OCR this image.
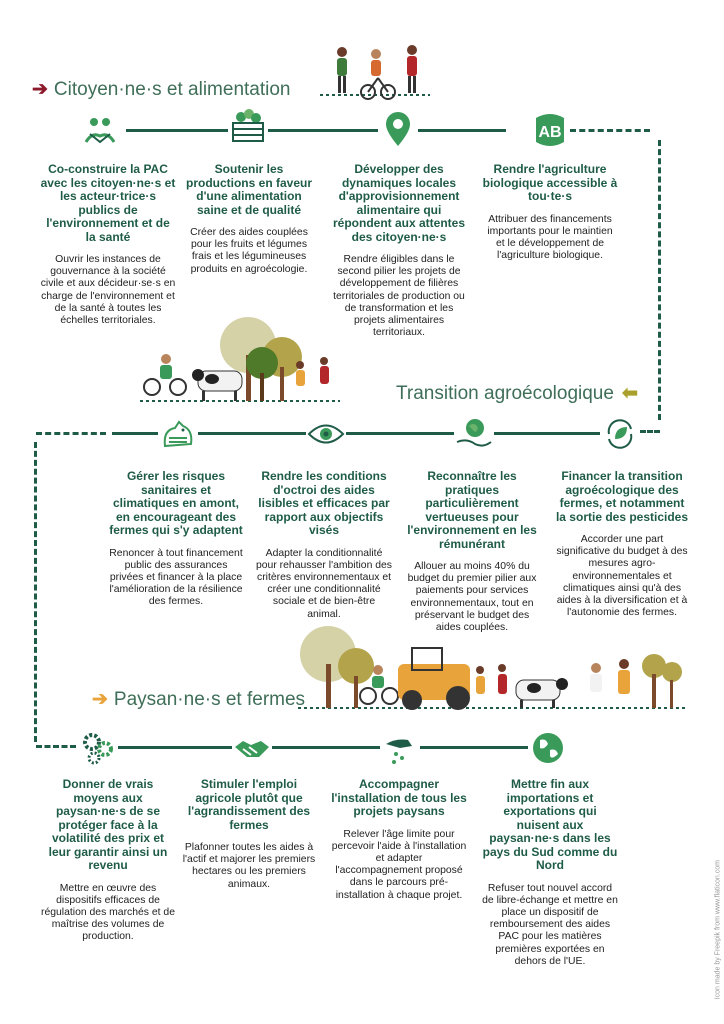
➔ Citoyen·ne·s et alimentation
AB
Co-construire la PAC avec les citoyen·ne·s et les acteur·trice·s publics de l'environnement et de la santé

Ouvrir les instances de gouvernance à la société civile et aux décideur·se·s en charge de l'environnement et de la santé à toutes les échelles territoriales.

Soutenir les productions en faveur d'une alimentation saine et de qualité

Créer des aides couplées pour les fruits et légumes frais et les légumineuses produits en agroécologie.

Développer des dynamiques locales d'approvisionnement alimentaire qui répondent aux attentes des citoyen·ne·s

Rendre éligibles dans le second pilier les projets de développement de filières territoriales de production ou de transformation et les projets alimentaires territoriaux.

Rendre l'agriculture biologique accessible à tou·te·s

Attribuer des financements importants pour le maintien et le développement de l'agriculture biologique.

Transition agroécologique ⬅
Gérer les risques sanitaires et climatiques en amont, en encourageant des fermes qui s'y adaptent

Renoncer à tout financement public des assurances privées et financer à la place l'amélioration de la résilience des fermes.

Rendre les conditions d'octroi des aides lisibles et efficaces par rapport aux objectifs visés

Adapter la conditionnalité pour rehausser l'ambition des critères environnementaux et créer une conditionnalité sociale et de bien-être animal.

Reconnaître les pratiques particulièrement vertueuses pour l'environnement en les rémunérant

Allouer au moins 40% du budget du premier pilier aux paiements pour services environnementaux, tout en préservant le budget des aides couplées.

Financer la transition agroécologique des fermes, et notamment la sortie des pesticides

Accorder une part significative du budget à des mesures agro-environnementales et climatiques ainsi qu'à des aides à la diversification et à l'autonomie des fermes.

➔ Paysan·ne·s et fermes
Donner de vrais moyens aux paysan·ne·s de se protéger face à la volatilité des prix et leur garantir ainsi un revenu

Mettre en œuvre des dispositifs efficaces de régulation des marchés et de maîtrise des volumes de production.

Stimuler l'emploi agricole plutôt que l'agrandissement des fermes

Plafonner toutes les aides à l'actif et majorer les premiers hectares ou les premiers animaux.

Accompagner l'installation de tous les projets paysans

Relever l'âge limite pour percevoir l'aide à l'installation et adapter l'accompagnement proposé dans le parcours pré-installation à chaque projet.

Mettre fin aux importations et exportations qui nuisent aux paysan·ne·s dans les pays du Sud comme du Nord

Refuser tout nouvel accord de libre-échange et mettre en place un dispositif de remboursement des aides PAC pour les matières premières exportées en dehors de l'UE.	Icon made by Freepik from www.flaticon.com
